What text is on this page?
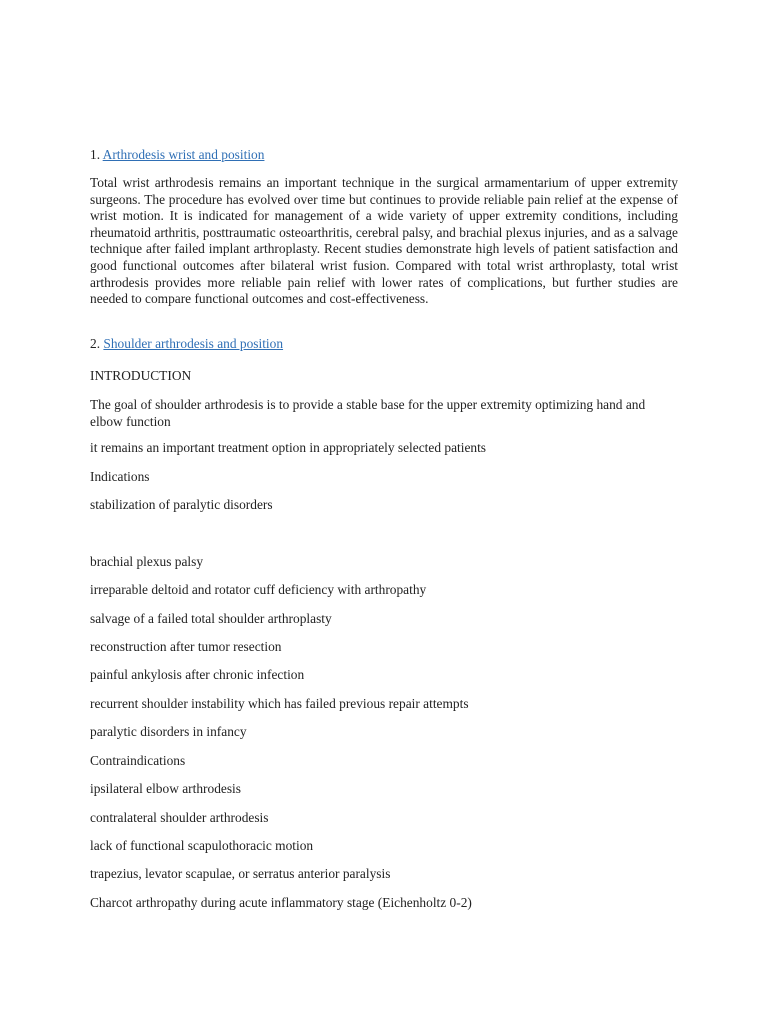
1. Arthrodesis wrist and position
Total wrist arthrodesis remains an important technique in the surgical armamentarium of upper extremity surgeons. The procedure has evolved over time but continues to provide reliable pain relief at the expense of wrist motion. It is indicated for management of a wide variety of upper extremity conditions, including rheumatoid arthritis, posttraumatic osteoarthritis, cerebral palsy, and brachial plexus injuries, and as a salvage technique after failed implant arthroplasty. Recent studies demonstrate high levels of patient satisfaction and good functional outcomes after bilateral wrist fusion. Compared with total wrist arthroplasty, total wrist arthrodesis provides more reliable pain relief with lower rates of complications, but further studies are needed to compare functional outcomes and cost-effectiveness.
2. Shoulder arthrodesis and position
INTRODUCTION
The goal of shoulder arthrodesis is to provide a stable base for the upper extremity optimizing hand and elbow function
it remains an important treatment option in appropriately selected patients
Indications
stabilization of paralytic disorders
brachial plexus palsy
irreparable deltoid and rotator cuff deficiency with arthropathy
salvage of a failed total shoulder arthroplasty
reconstruction after tumor resection
painful ankylosis after chronic infection
recurrent shoulder instability which has failed previous repair attempts
paralytic disorders in infancy
Contraindications
ipsilateral elbow arthrodesis
contralateral shoulder arthrodesis
lack of functional scapulothoracic motion
trapezius, levator scapulae, or serratus anterior paralysis
Charcot arthropathy during acute inflammatory stage (Eichenholtz 0-2)
